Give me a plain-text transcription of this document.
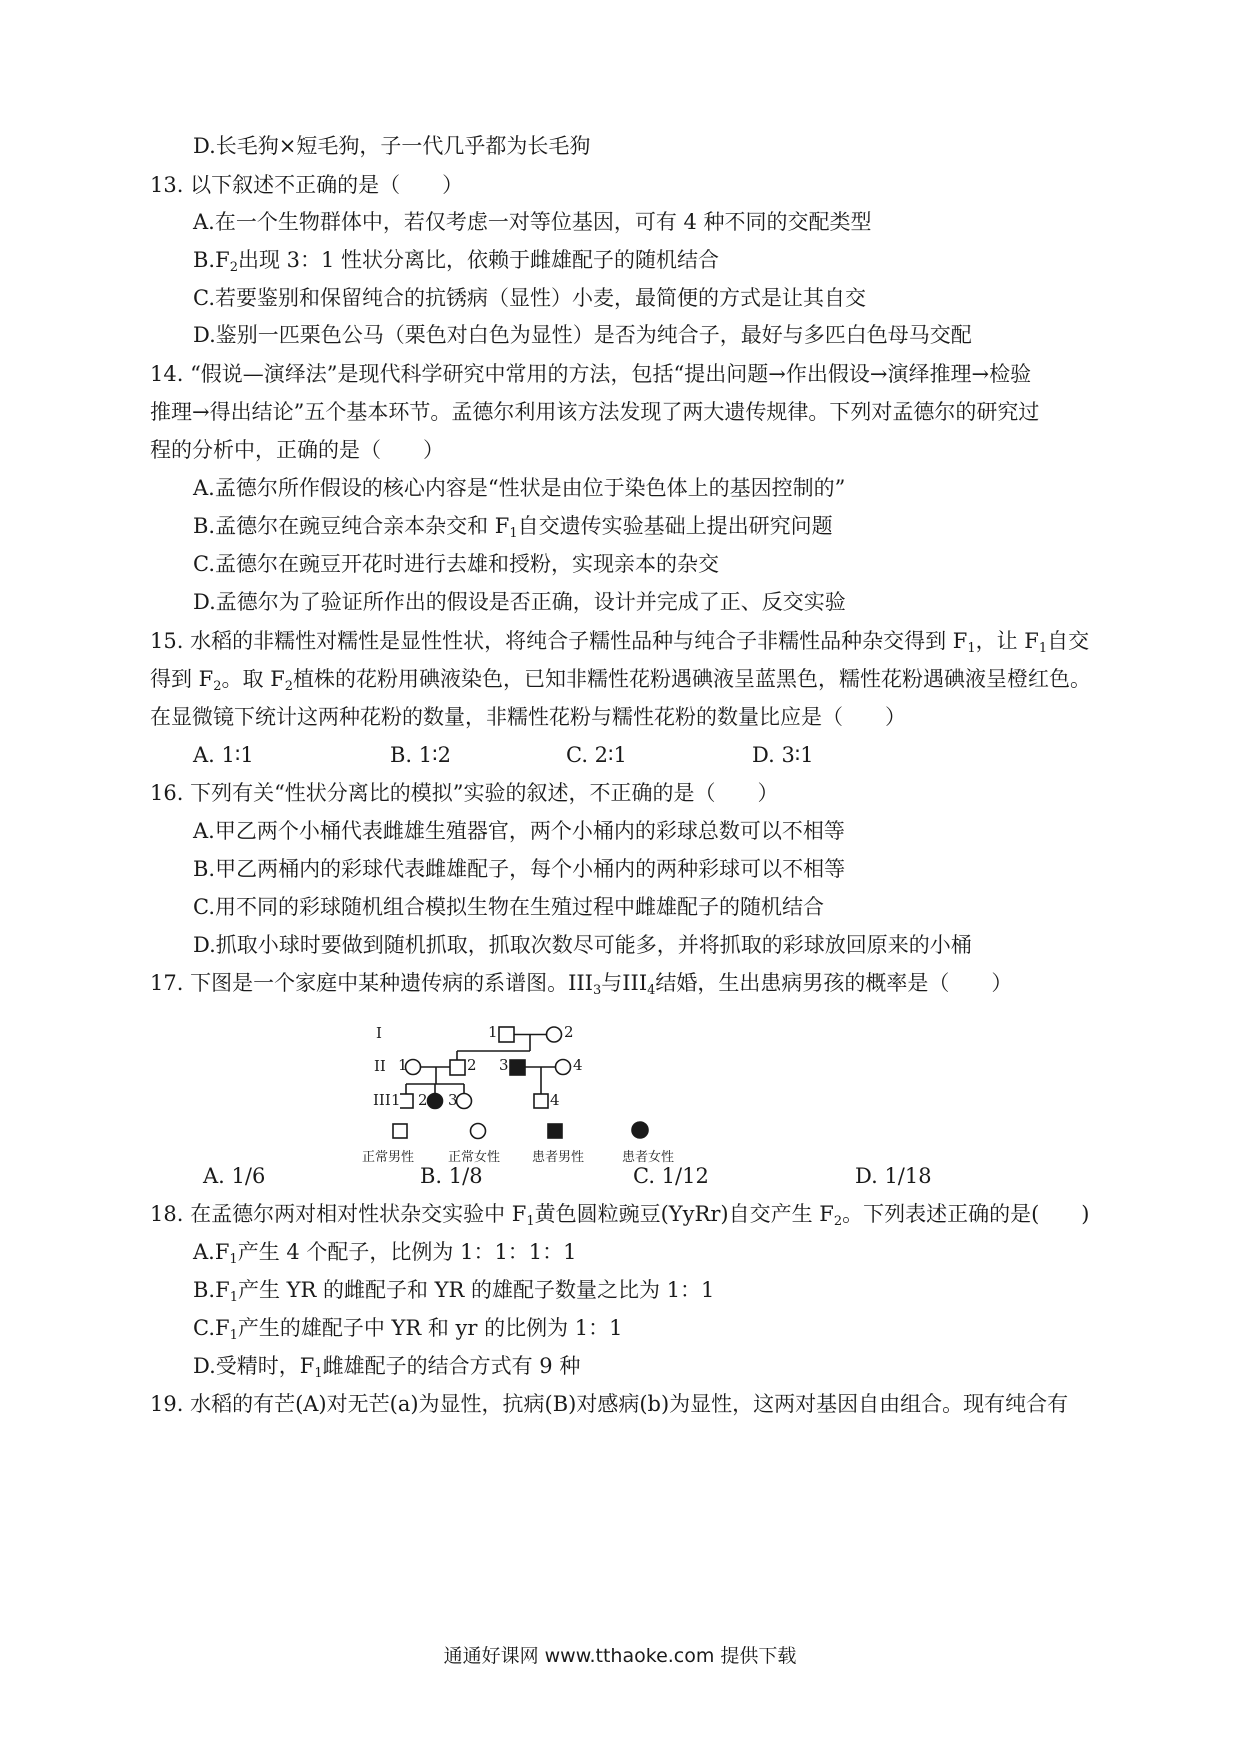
D.长毛狗×短毛狗，子一代几乎都为长毛狗
13. 以下叙述不正确的是（　　）
A.在一个生物群体中，若仅考虑一对等位基因，可有 4 种不同的交配类型
$B.F_2$出现 3：1 性状分离比，依赖于雌雄配子的随机结合
C.若要鉴别和保留纯合的抗锈病（显性）小麦，最简便的方式是让其自交
D.鉴别一匹栗色公马（栗色对白色为显性）是否为纯合子，最好与多匹白色母马交配
14. “假说—演绎法”是现代科学研究中常用的方法，包括“提出问题→作出假设→演绎推理→检验
推理→得出结论”五个基本环节。孟德尔利用该方法发现了两大遗传规律。下列对孟德尔的研究过
程的分析中，正确的是（　　）
A.孟德尔所作假设的核心内容是“性状是由位于染色体上的基因控制的”
B.孟德尔在豌豆纯合亲本杂交和 $F_1$自交遗传实验基础上提出研究问题
C.孟德尔在豌豆开花时进行去雄和授粉，实现亲本的杂交
D.孟德尔为了验证所作出的假设是否正确，设计并完成了正、反交实验
15. 水稻的非糯性对糯性是显性性状，将纯合子糯性品种与纯合子非糯性品种杂交得到 $F_1$，让 $F_1$自交
得到 $F_2$。取 $F_2$植株的花粉用碘液染色，已知非糯性花粉遇碘液呈蓝黑色，糯性花粉遇碘液呈橙红色。
在显微镜下统计这两种花粉的数量，非糯性花粉与糯性花粉的数量比应是（　　）
A. 1∶1	B. 1∶2	C. 2∶1	D. 3∶1
16. 下列有关“性状分离比的模拟”实验的叙述，不正确的是（　　）
A.甲乙两个小桶代表雌雄生殖器官，两个小桶内的彩球总数可以不相等
B.甲乙两桶内的彩球代表雌雄配子，每个小桶内的两种彩球可以不相等
C.用不同的彩球随机组合模拟生物在生殖过程中雌雄配子的随机结合
D.抓取小球时要做到随机抓取，抓取次数尽可能多，并将抓取的彩球放回原来的小桶
17. 下图是一个家庭中某种遗传病的系谱图。$III_3$与$III_4$结婚，生出患病男孩的概率是（　　）
I
II
III
1	2
1	2 3	4
1 2 3	4
正常男性	正常女性 患者男性	患者女性
A. 1/6	B. 1/8	C. 1/12	D. 1/18
18. 在孟德尔两对相对性状杂交实验中 $F_1$黄色圆粒豌豆(YyRr)自交产生 $F_2$。下列表述正确的是(　　)
$A.F_1$产生 4 个配子，比例为 1：1：1：1
$B.F_1$产生 YR 的雌配子和 YR 的雄配子数量之比为 1：1
$C.F_1$产生的雄配子中 YR 和 yr 的比例为 1：1
D.受精时，$F_1$雌雄配子的结合方式有 9 种
19. 水稻的有芒(A)对无芒(a)为显性，抗病(B)对感病(b)为显性，这两对基因自由组合。现有纯合有
通通好课网 www.tthaoke.com 提供下载
